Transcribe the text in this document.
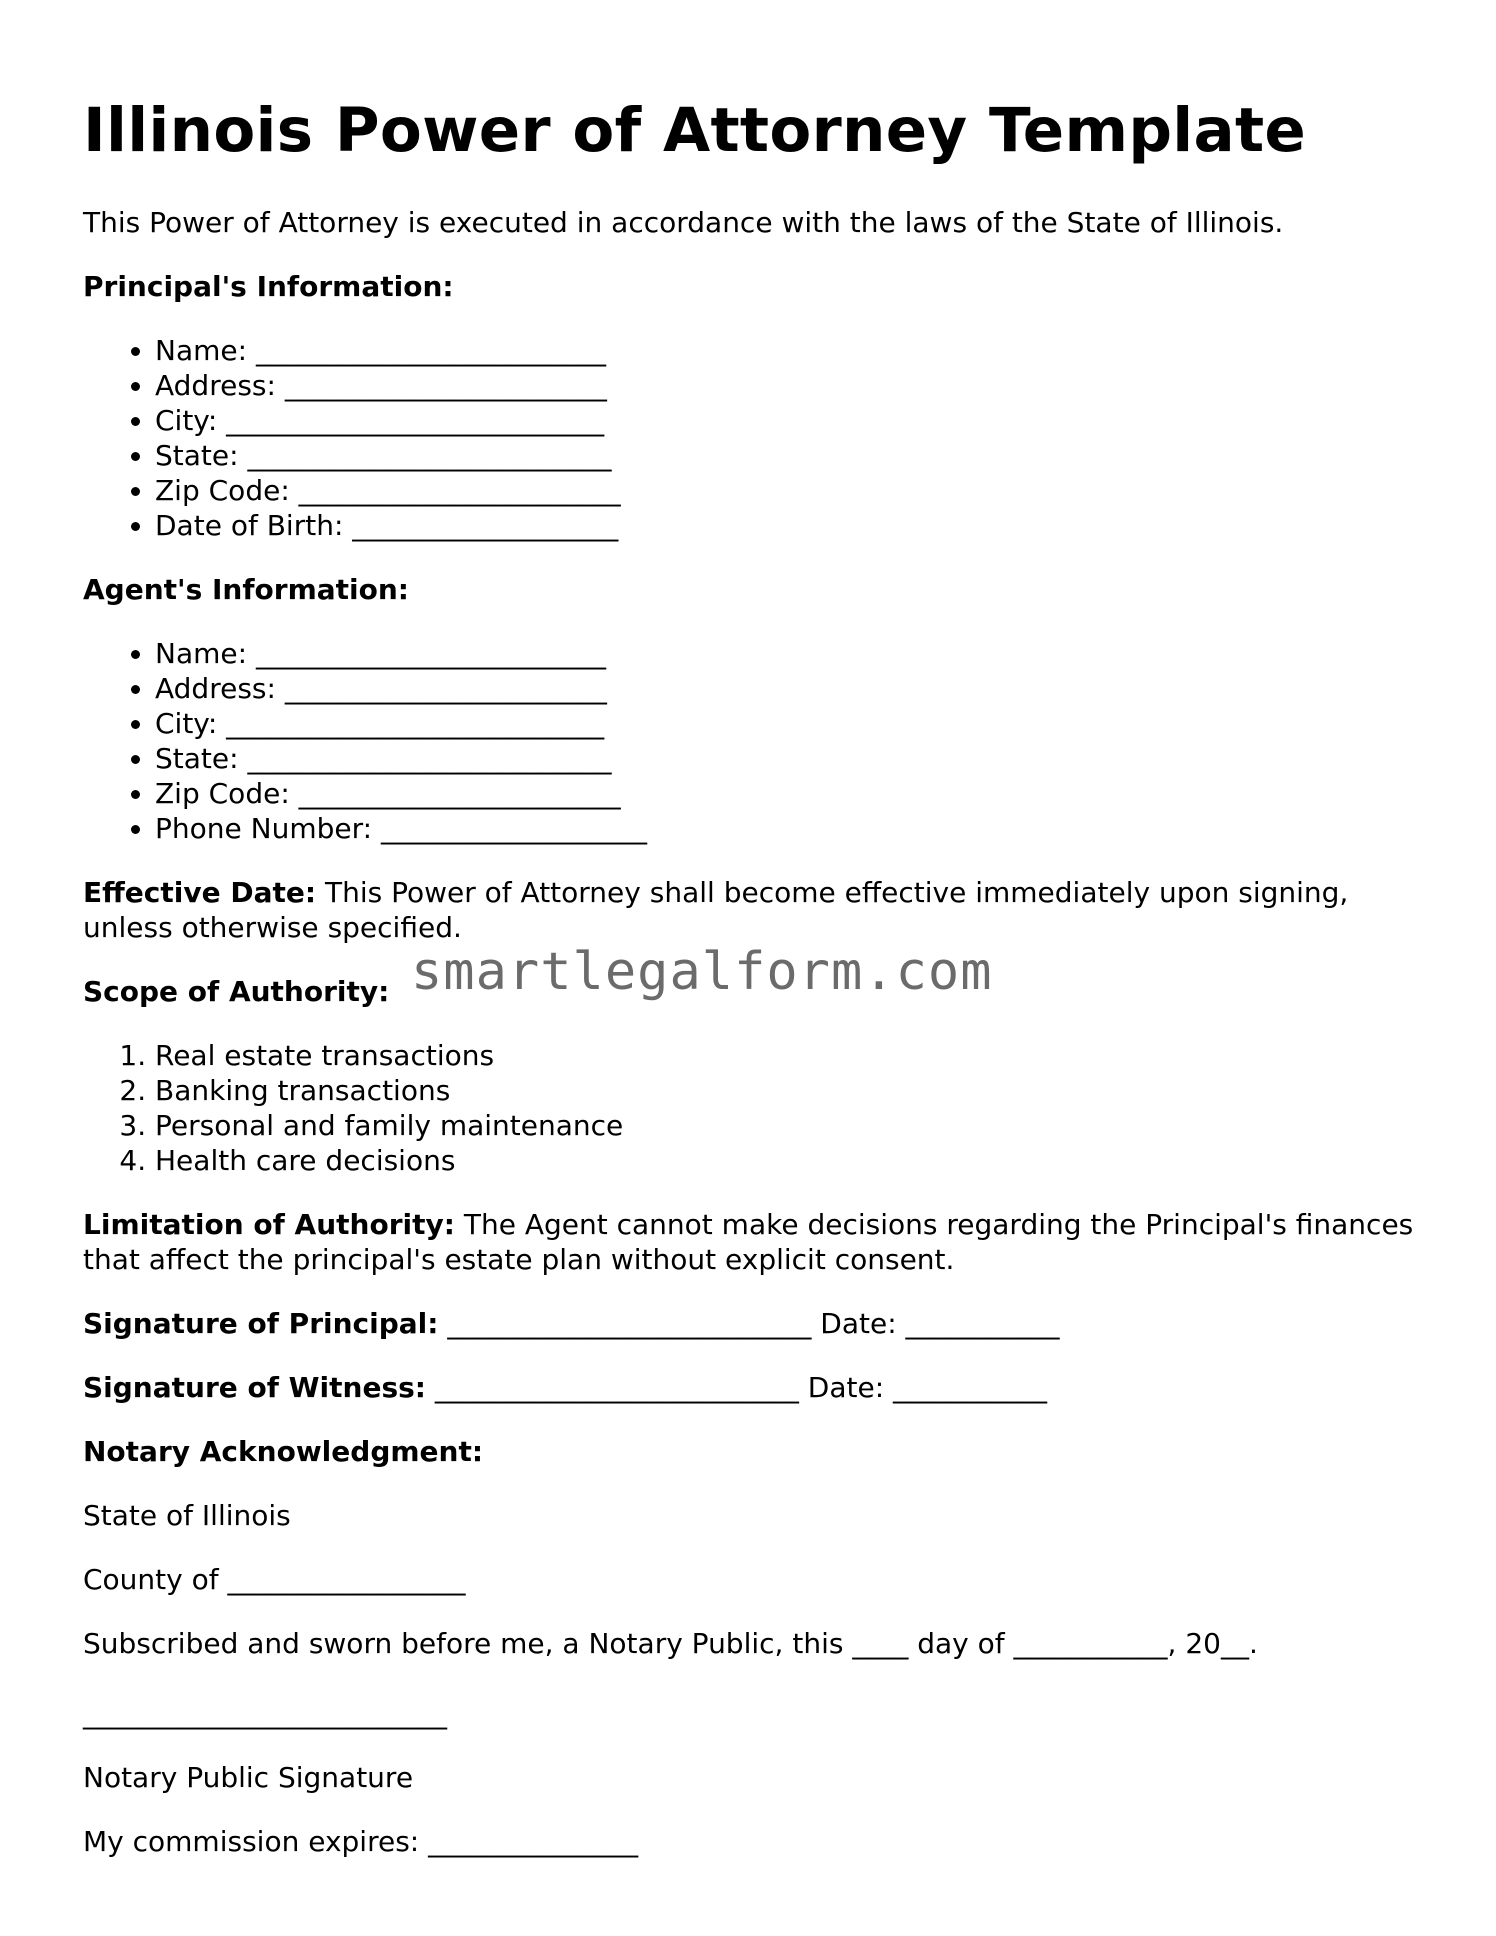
Illinois Power of Attorney Template

This Power of Attorney is executed in accordance with the laws of the State of Illinois.

Principal's Information:

• Name: _________________________
• Address: _______________________
• City: ___________________________
• State: __________________________
• Zip Code: _______________________
• Date of Birth: ___________________

Agent's Information:

• Name: _________________________
• Address: _______________________
• City: ___________________________
• State: __________________________
• Zip Code: _______________________
• Phone Number: ___________________

Effective Date: This Power of Attorney shall become effective immediately upon signing, unless otherwise specified.

Scope of Authority:

1. Real estate transactions
2. Banking transactions
3. Personal and family maintenance
4. Health care decisions

Limitation of Authority: The Agent cannot make decisions regarding the Principal's finances that affect the principal's estate plan without explicit consent.

Signature of Principal: __________________________ Date: ___________

Signature of Witness: __________________________ Date: ___________

Notary Acknowledgment:

State of Illinois

County of _________________

Subscribed and sworn before me, a Notary Public, this ____ day of ___________, 20__.

__________________________

Notary Public Signature

My commission expires: _______________

smartlegalform.com
